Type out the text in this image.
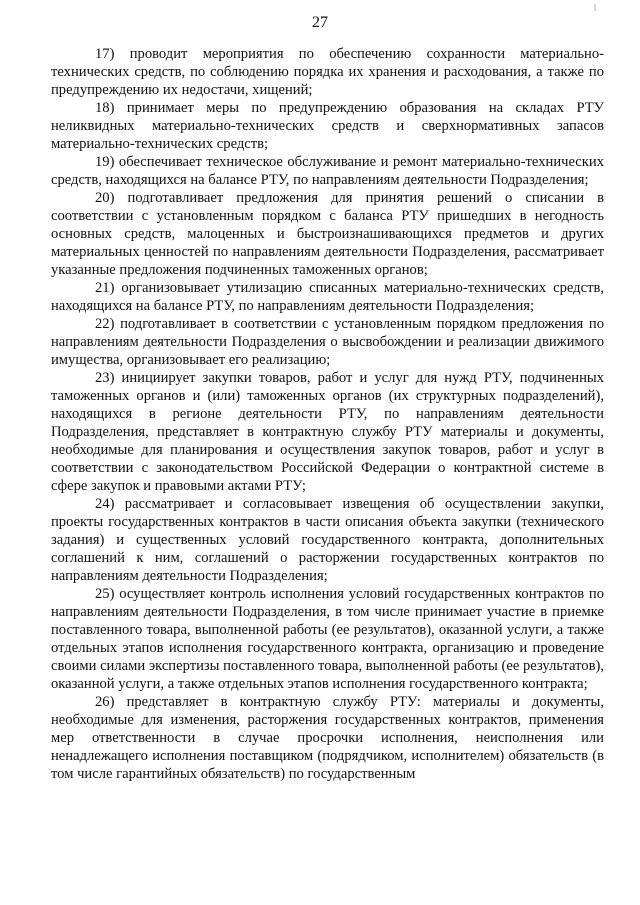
ǀ
27

17) проводит мероприятия по обеспечению сохранности материально-технических средств, по соблюдению порядка их хранения и расходования, а также по предупреждению их недостачи, хищений;

18) принимает меры по предупреждению образования на складах РТУ неликвидных материально-технических средств и сверхнормативных запасов материально-технических средств;

19) обеспечивает техническое обслуживание и ремонт материально-технических средств, находящихся на балансе РТУ, по направлениям деятельности Подразделения;

20) подготавливает предложения для принятия решений о списании в соответствии с установленным порядком с баланса РТУ пришедших в негодность основных средств, малоценных и быстроизнашивающихся предметов и других материальных ценностей по направлениям деятельности Подразделения, рассматривает указанные предложения подчиненных таможенных органов;

21) организовывает утилизацию списанных материально-технических средств, находящихся на балансе РТУ, по направлениям деятельности Подразделения;

22) подготавливает в соответствии с установленным порядком предложения по направлениям деятельности Подразделения о высвобождении и реализации движимого имущества, организовывает его реализацию;

23) инициирует закупки товаров, работ и услуг для нужд РТУ, подчиненных таможенных органов и (или) таможенных органов (их структурных подразделений), находящихся в регионе деятельности РТУ, по направлениям деятельности Подразделения, представляет в контрактную службу РТУ материалы и документы, необходимые для планирования и осуществления закупок товаров, работ и услуг в соответствии с законодательством Российской Федерации о контрактной системе в сфере закупок и правовыми актами РТУ;

24) рассматривает и согласовывает извещения об осуществлении закупки, проекты государственных контрактов в части описания объекта закупки (технического задания) и существенных условий государственного контракта, дополнительных соглашений к ним, соглашений о расторжении государственных контрактов по направлениям деятельности Подразделения;

25) осуществляет контроль исполнения условий государственных контрактов по направлениям деятельности Подразделения, в том числе принимает участие в приемке поставленного товара, выполненной работы (ее результатов), оказанной услуги, а также отдельных этапов исполнения государственного контракта, организацию и проведение своими силами экспертизы поставленного товара, выполненной работы (ее результатов), оказанной услуги, а также отдельных этапов исполнения государственного контракта;

26) представляет в контрактную службу РТУ: материалы и документы, необходимые для изменения, расторжения государственных контрактов, применения мер ответственности в случае просрочки исполнения, неисполнения или ненадлежащего исполнения поставщиком (подрядчиком, исполнителем) обязательств (в том числе гарантийных обязательств) по государственным
